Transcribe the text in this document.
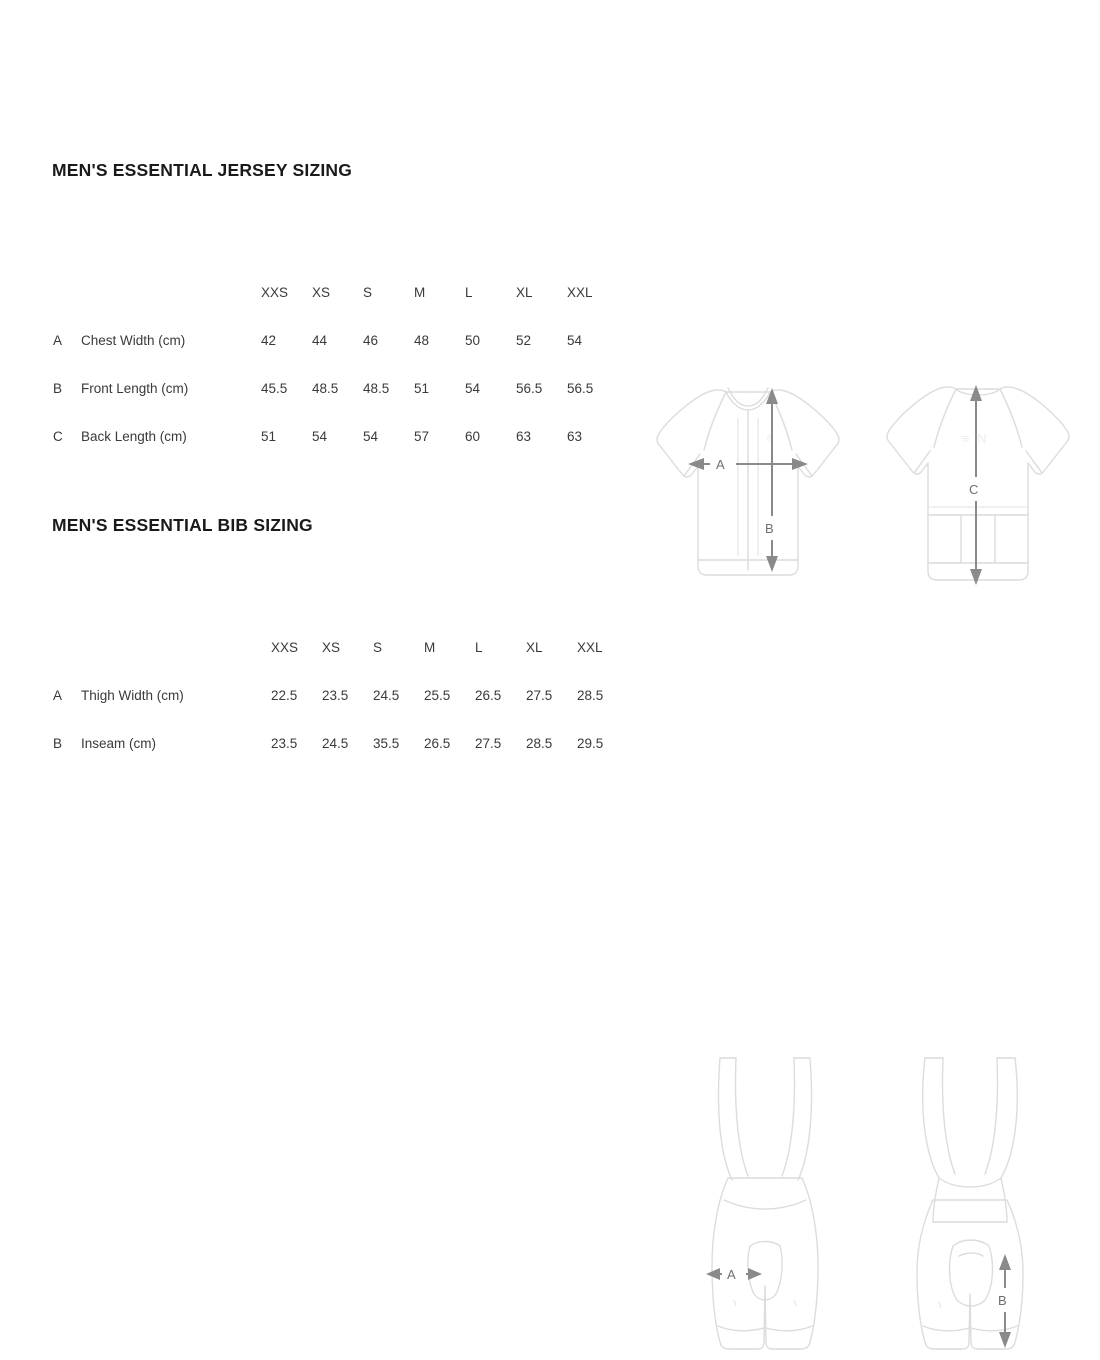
MEN'S ESSENTIAL JERSEY SIZING
		XXS	XS	S	M	L	XL	XXL
A	Chest Width (cm)	42	44	46	48	50	52	54
B	Front Length (cm)	45.5	48.5	48.5	51	54	56.5	56.5
C	Back Length (cm)	51	54	54	57	60	63	63	≡
A
B
≡ N
C
MEN'S ESSENTIAL BIB SIZING
		XXS	XS	S	M	L	XL	XXL
A	Thigh Width (cm)	22.5	23.5	24.5	25.5	26.5	27.5	28.5
B	Inseam (cm)	23.5	24.5	35.5	26.5	27.5	28.5	29.5
A
B
